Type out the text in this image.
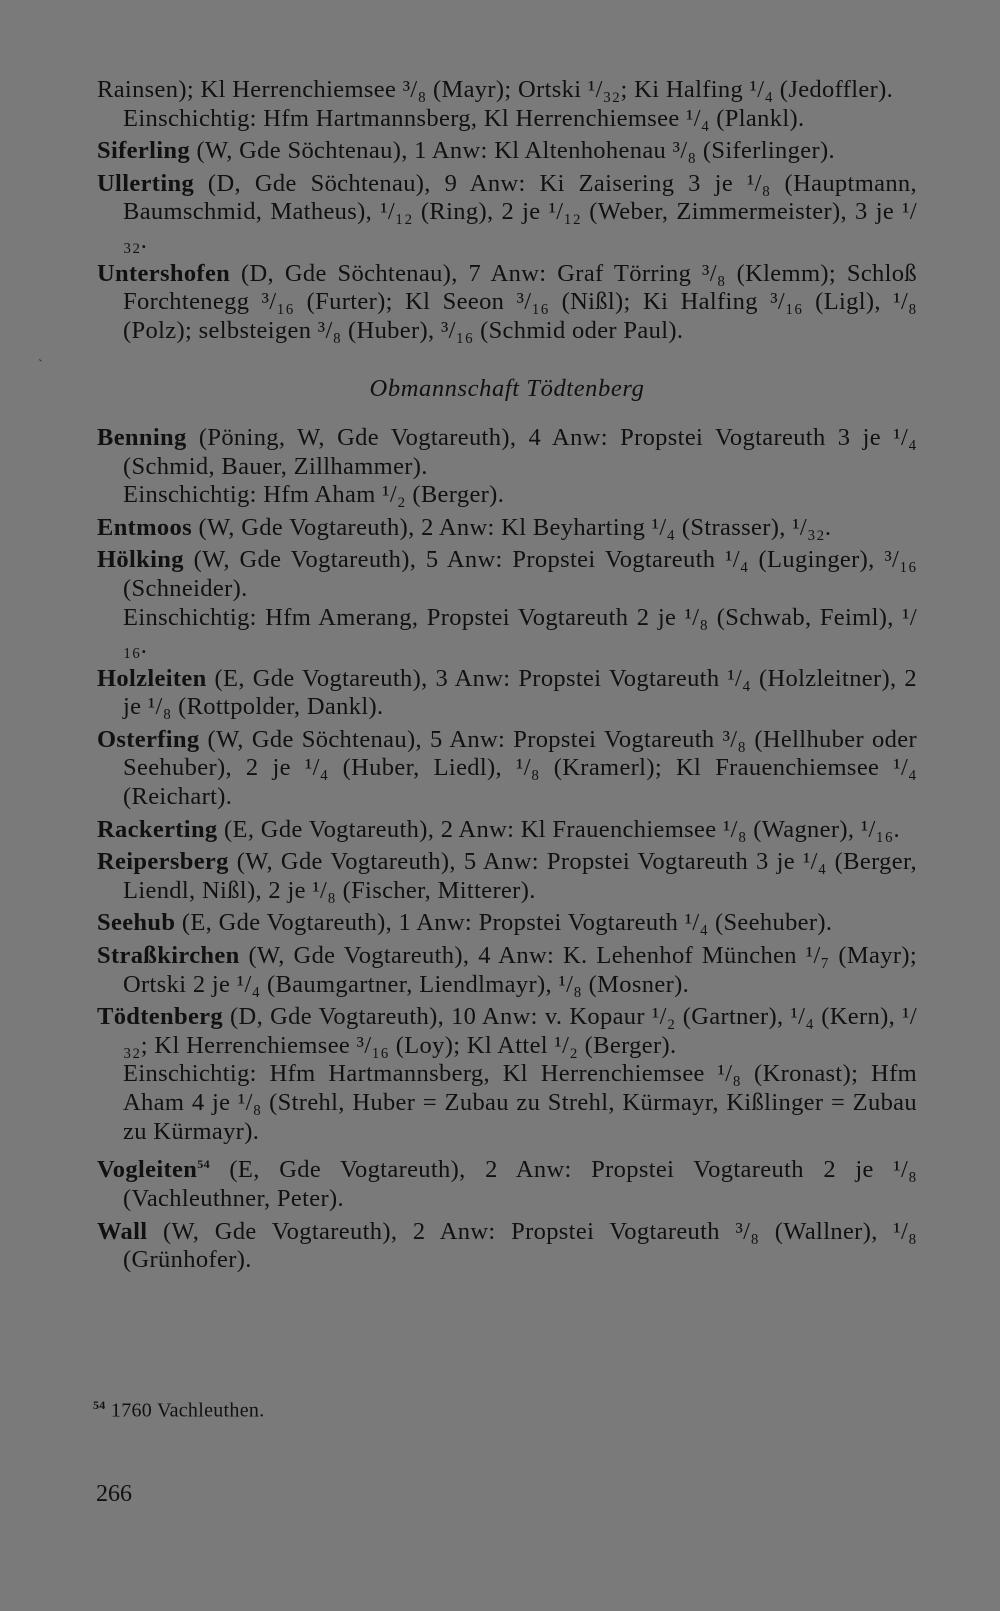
`

Rainsen); Kl Herrenchiemsee ³/₈ (Mayr); Ortski ¹/₃₂; Ki Halfing ¹/₄ (Jedoffler).
Einschichtig: Hfm Hartmannsberg, Kl Herrenchiemsee ¹/₄ (Plankl).

Siferling (W, Gde Söchtenau), 1 Anw: Kl Altenhohenau ³/₈ (Siferlinger).

Ullerting (D, Gde Söchtenau), 9 Anw: Ki Zaisering 3 je ¹/₈ (Hauptmann, Baumschmid, Matheus), ¹/₁₂ (Ring), 2 je ¹/₁₂ (Weber, Zimmermeister), 3 je ¹/₃₂.

Untershofen (D, Gde Söchtenau), 7 Anw: Graf Törring ³/₈ (Klemm); Schloß Forchtenegg ³/₁₆ (Furter); Kl Seeon ³/₁₆ (Nißl); Ki Halfing ³/₁₆ (Ligl), ¹/₈ (Polz); selbsteigen ³/₈ (Huber), ³/₁₆ (Schmid oder Paul).

Obmannschaft Tödtenberg

Benning (Pöning, W, Gde Vogtareuth), 4 Anw: Propstei Vogtareuth 3 je ¹/₄ (Schmid, Bauer, Zillhammer).
Einschichtig: Hfm Aham ¹/₂ (Berger).

Entmoos (W, Gde Vogtareuth), 2 Anw: Kl Beyharting ¹/₄ (Strasser), ¹/₃₂.

Hölking (W, Gde Vogtareuth), 5 Anw: Propstei Vogtareuth ¹/₄ (Luginger), ³/₁₆ (Schneider).
Einschichtig: Hfm Amerang, Propstei Vogtareuth 2 je ¹/₈ (Schwab, Feiml), ¹/₁₆.

Holzleiten (E, Gde Vogtareuth), 3 Anw: Propstei Vogtareuth ¹/₄ (Holzleitner), 2 je ¹/₈ (Rottpolder, Dankl).

Osterfing (W, Gde Söchtenau), 5 Anw: Propstei Vogtareuth ³/₈ (Hellhuber oder Seehuber), 2 je ¹/₄ (Huber, Liedl), ¹/₈ (Kramerl); Kl Frauenchiemsee ¹/₄ (Reichart).

Rackerting (E, Gde Vogtareuth), 2 Anw: Kl Frauenchiemsee ¹/₈ (Wagner), ¹/₁₆.

Reipersberg (W, Gde Vogtareuth), 5 Anw: Propstei Vogtareuth 3 je ¹/₄ (Berger, Liendl, Nißl), 2 je ¹/₈ (Fischer, Mitterer).

Seehub (E, Gde Vogtareuth), 1 Anw: Propstei Vogtareuth ¹/₄ (Seehuber).

Straßkirchen (W, Gde Vogtareuth), 4 Anw: K. Lehenhof München ¹/₇ (Mayr); Ortski 2 je ¹/₄ (Baumgartner, Liendlmayr), ¹/₈ (Mosner).

Tödtenberg (D, Gde Vogtareuth), 10 Anw: v. Kopaur ¹/₂ (Gartner), ¹/₄ (Kern), ¹/₃₂; Kl Herrenchiemsee ³/₁₆ (Loy); Kl Attel ¹/₂ (Berger).
Einschichtig: Hfm Hartmannsberg, Kl Herrenchiemsee ¹/₈ (Kronast); Hfm Aham 4 je ¹/₈ (Strehl, Huber = Zubau zu Strehl, Kürmayr, Kißlinger = Zubau zu Kürmayr).

Vogleiten$^{54}$ (E, Gde Vogtareuth), 2 Anw: Propstei Vogtareuth 2 je ¹/₈ (Vachleuthner, Peter).

Wall (W, Gde Vogtareuth), 2 Anw: Propstei Vogtareuth ³/₈ (Wallner), ¹/₈ (Grünhofer).

$^{54}$ 1760 Vachleuthen.
266
